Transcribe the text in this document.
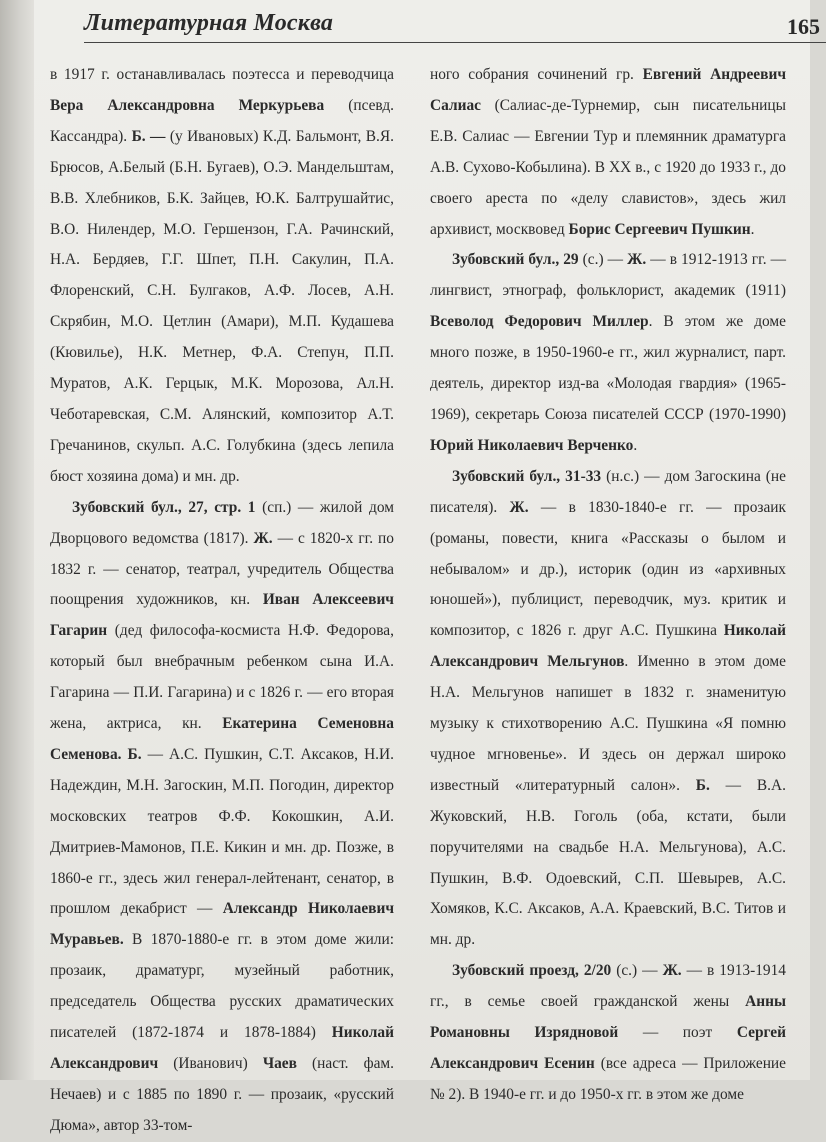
Литературная Москва	165

в 1917 г. останавливалась поэтесса и переводчица Вера Александровна Меркурьева (псевд. Кассандра). Б. — (у Ивановых) К.Д. Бальмонт, В.Я. Брюсов, А.Белый (Б.Н. Бугаев), О.Э. Мандельштам, В.В. Хлебников, Б.К. Зайцев, Ю.К. Балтрушайтис, В.О. Нилендер, М.О. Гершензон, Г.А. Рачинский, Н.А. Бердяев, Г.Г. Шпет, П.Н. Сакулин, П.А. Флоренский, С.Н. Булгаков, А.Ф. Лосев, А.Н. Скрябин, М.О. Цетлин (Амари), М.П. Кудашева (Кювилье), Н.К. Метнер, Ф.А. Степун, П.П. Муратов, А.К. Герцык, М.К. Морозова, Ал.Н. Чеботаревская, С.М. Алянский, композитор А.Т. Гречанинов, скульп. А.С. Голубкина (здесь лепила бюст хозяина дома) и мн. др.

Зубовский бул., 27, стр. 1 (сп.) — жилой дом Дворцового ведомства (1817). Ж. — с 1820-х гг. по 1832 г. — сенатор, театрал, учредитель Общества поощрения художников, кн. Иван Алексеевич Гагарин (дед философа-космиста Н.Ф. Федорова, который был внебрачным ребенком сына И.А. Гагарина — П.И. Гагарина) и с 1826 г. — его вторая жена, актриса, кн. Екатерина Семеновна Семенова. Б. — А.С. Пушкин, С.Т. Аксаков, Н.И. Надеждин, М.Н. Загоскин, М.П. Погодин, директор московских театров Ф.Ф. Кокошкин, А.И. Дмитриев-Мамонов, П.Е. Кикин и мн. др. Позже, в 1860-е гг., здесь жил генерал-лейтенант, сенатор, в прошлом декабрист — Александр Николаевич Муравьев. В 1870-1880-е гг. в этом доме жили: прозаик, драматург, музейный работник, председатель Общества русских драматических писателей (1872-1874 и 1878-1884) Николай Александрович (Иванович) Чаев (наст. фам. Нечаев) и с 1885 по 1890 г. — прозаик, «русский Дюма», автор 33-том-

ного собрания сочинений гр. Евгений Андреевич Салиас (Салиас-де-Турнемир, сын писательницы Е.В. Салиас — Евгении Тур и племянник драматурга А.В. Сухово-Кобылина). В XX в., с 1920 до 1933 г., до своего ареста по «делу славистов», здесь жил архивист, москвовед Борис Сергеевич Пушкин.

Зубовский бул., 29 (с.) — Ж. — в 1912-1913 гг. — лингвист, этнограф, фольклорист, академик (1911) Всеволод Федорович Миллер. В этом же доме много позже, в 1950-1960-е гг., жил журналист, парт. деятель, директор изд-ва «Молодая гвардия» (1965-1969), секретарь Союза писателей СССР (1970-1990) Юрий Николаевич Верченко.

Зубовский бул., 31-33 (н.с.) — дом Загоскина (не писателя). Ж. — в 1830-1840-е гг. — прозаик (романы, повести, книга «Рассказы о былом и небывалом» и др.), историк (один из «архивных юношей»), публицист, переводчик, муз. критик и композитор, с 1826 г. друг А.С. Пушкина Николай Александрович Мельгунов. Именно в этом доме Н.А. Мельгунов напишет в 1832 г. знаменитую музыку к стихотворению А.С. Пушкина «Я помню чудное мгновенье». И здесь он держал широко известный «литературный салон». Б. — В.А. Жуковский, Н.В. Гоголь (оба, кстати, были поручителями на свадьбе Н.А. Мельгунова), А.С. Пушкин, В.Ф. Одоевский, С.П. Шевырев, А.С. Хомяков, К.С. Аксаков, А.А. Краевский, В.С. Титов и мн. др.

Зубовский проезд, 2/20 (с.) — Ж. — в 1913-1914 гг., в семье своей гражданской жены Анны Романовны Изрядновой — поэт Сергей Александрович Есенин (все адреса — Приложение № 2). В 1940-е гг. и до 1950-х гг. в этом же доме
